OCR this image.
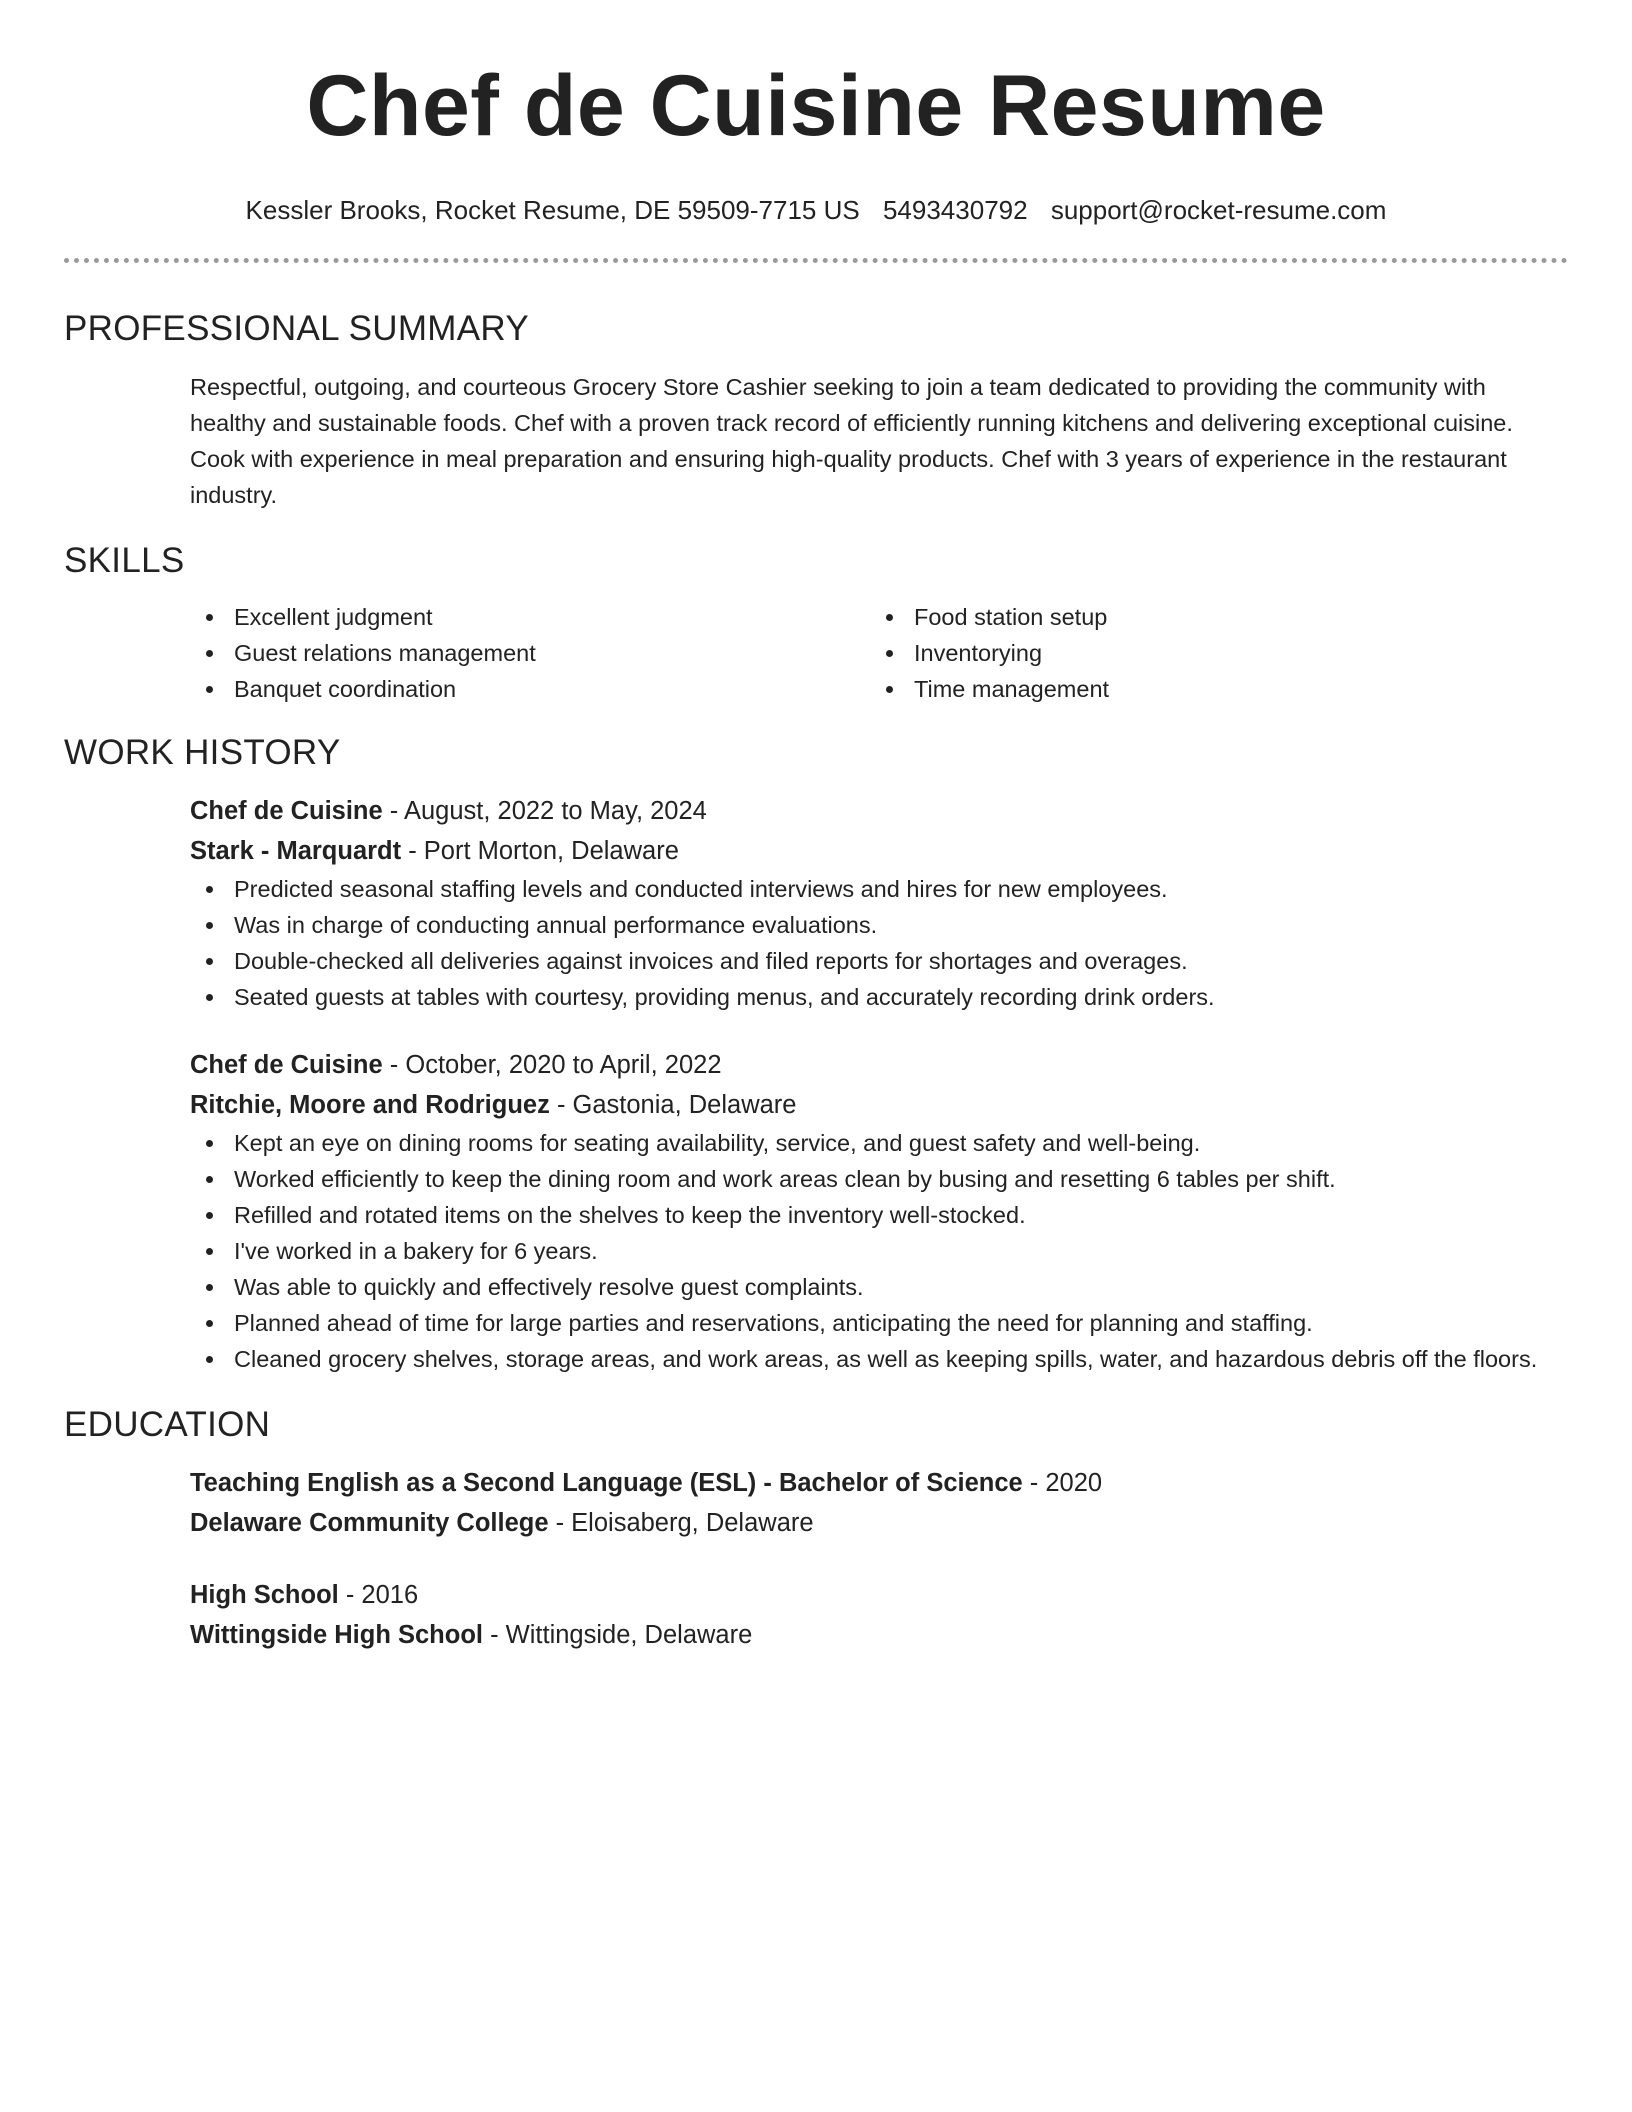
Chef de Cuisine Resume
Kessler Brooks, Rocket Resume, DE 59509-7715 US 5493430792 support@rocket-resume.com
PROFESSIONAL SUMMARY
Respectful, outgoing, and courteous Grocery Store Cashier seeking to join a team dedicated to providing the community with healthy and sustainable foods. Chef with a proven track record of efficiently running kitchens and delivering exceptional cuisine. Cook with experience in meal preparation and ensuring high-quality products. Chef with 3 years of experience in the restaurant industry.
SKILLS
Excellent judgment
Guest relations management
Banquet coordination
Food station setup
Inventorying
Time management
WORK HISTORY
Chef de Cuisine - August, 2022 to May, 2024
Stark - Marquardt - Port Morton, Delaware
Predicted seasonal staffing levels and conducted interviews and hires for new employees.
Was in charge of conducting annual performance evaluations.
Double-checked all deliveries against invoices and filed reports for shortages and overages.
Seated guests at tables with courtesy, providing menus, and accurately recording drink orders.
Chef de Cuisine - October, 2020 to April, 2022
Ritchie, Moore and Rodriguez - Gastonia, Delaware
Kept an eye on dining rooms for seating availability, service, and guest safety and well-being.
Worked efficiently to keep the dining room and work areas clean by busing and resetting 6 tables per shift.
Refilled and rotated items on the shelves to keep the inventory well-stocked.
I've worked in a bakery for 6 years.
Was able to quickly and effectively resolve guest complaints.
Planned ahead of time for large parties and reservations, anticipating the need for planning and staffing.
Cleaned grocery shelves, storage areas, and work areas, as well as keeping spills, water, and hazardous debris off the floors.
EDUCATION
Teaching English as a Second Language (ESL) - Bachelor of Science - 2020
Delaware Community College - Eloisaberg, Delaware
High School - 2016
Wittingside High School - Wittingside, Delaware
